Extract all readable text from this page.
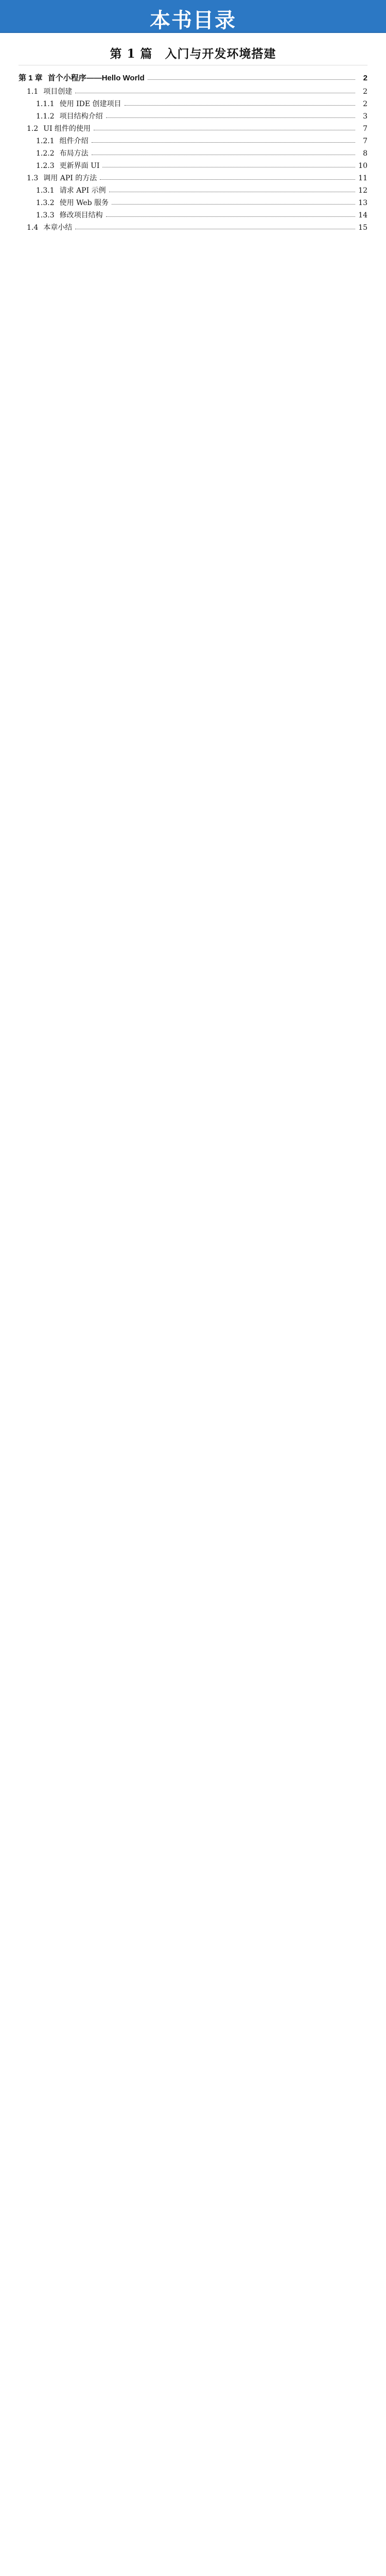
本书目录
第 1 篇　入门与开发环境搭建
第 1 章 首个小程序——Hello World	2
1.1 项目创建	2
1.1.1 使用 IDE 创建项目	2
1.1.2 项目结构介绍	3
1.2 UI 组件的使用	7
1.2.1 组件介绍	7
1.2.2 布局方法	8
1.2.3 更新界面 UI	10
1.3 调用 API 的方法	11
1.3.1 请求 API 示例	12
1.3.2 使用 Web 服务	13
1.3.3 修改项目结构	14
1.4 本章小结	15
